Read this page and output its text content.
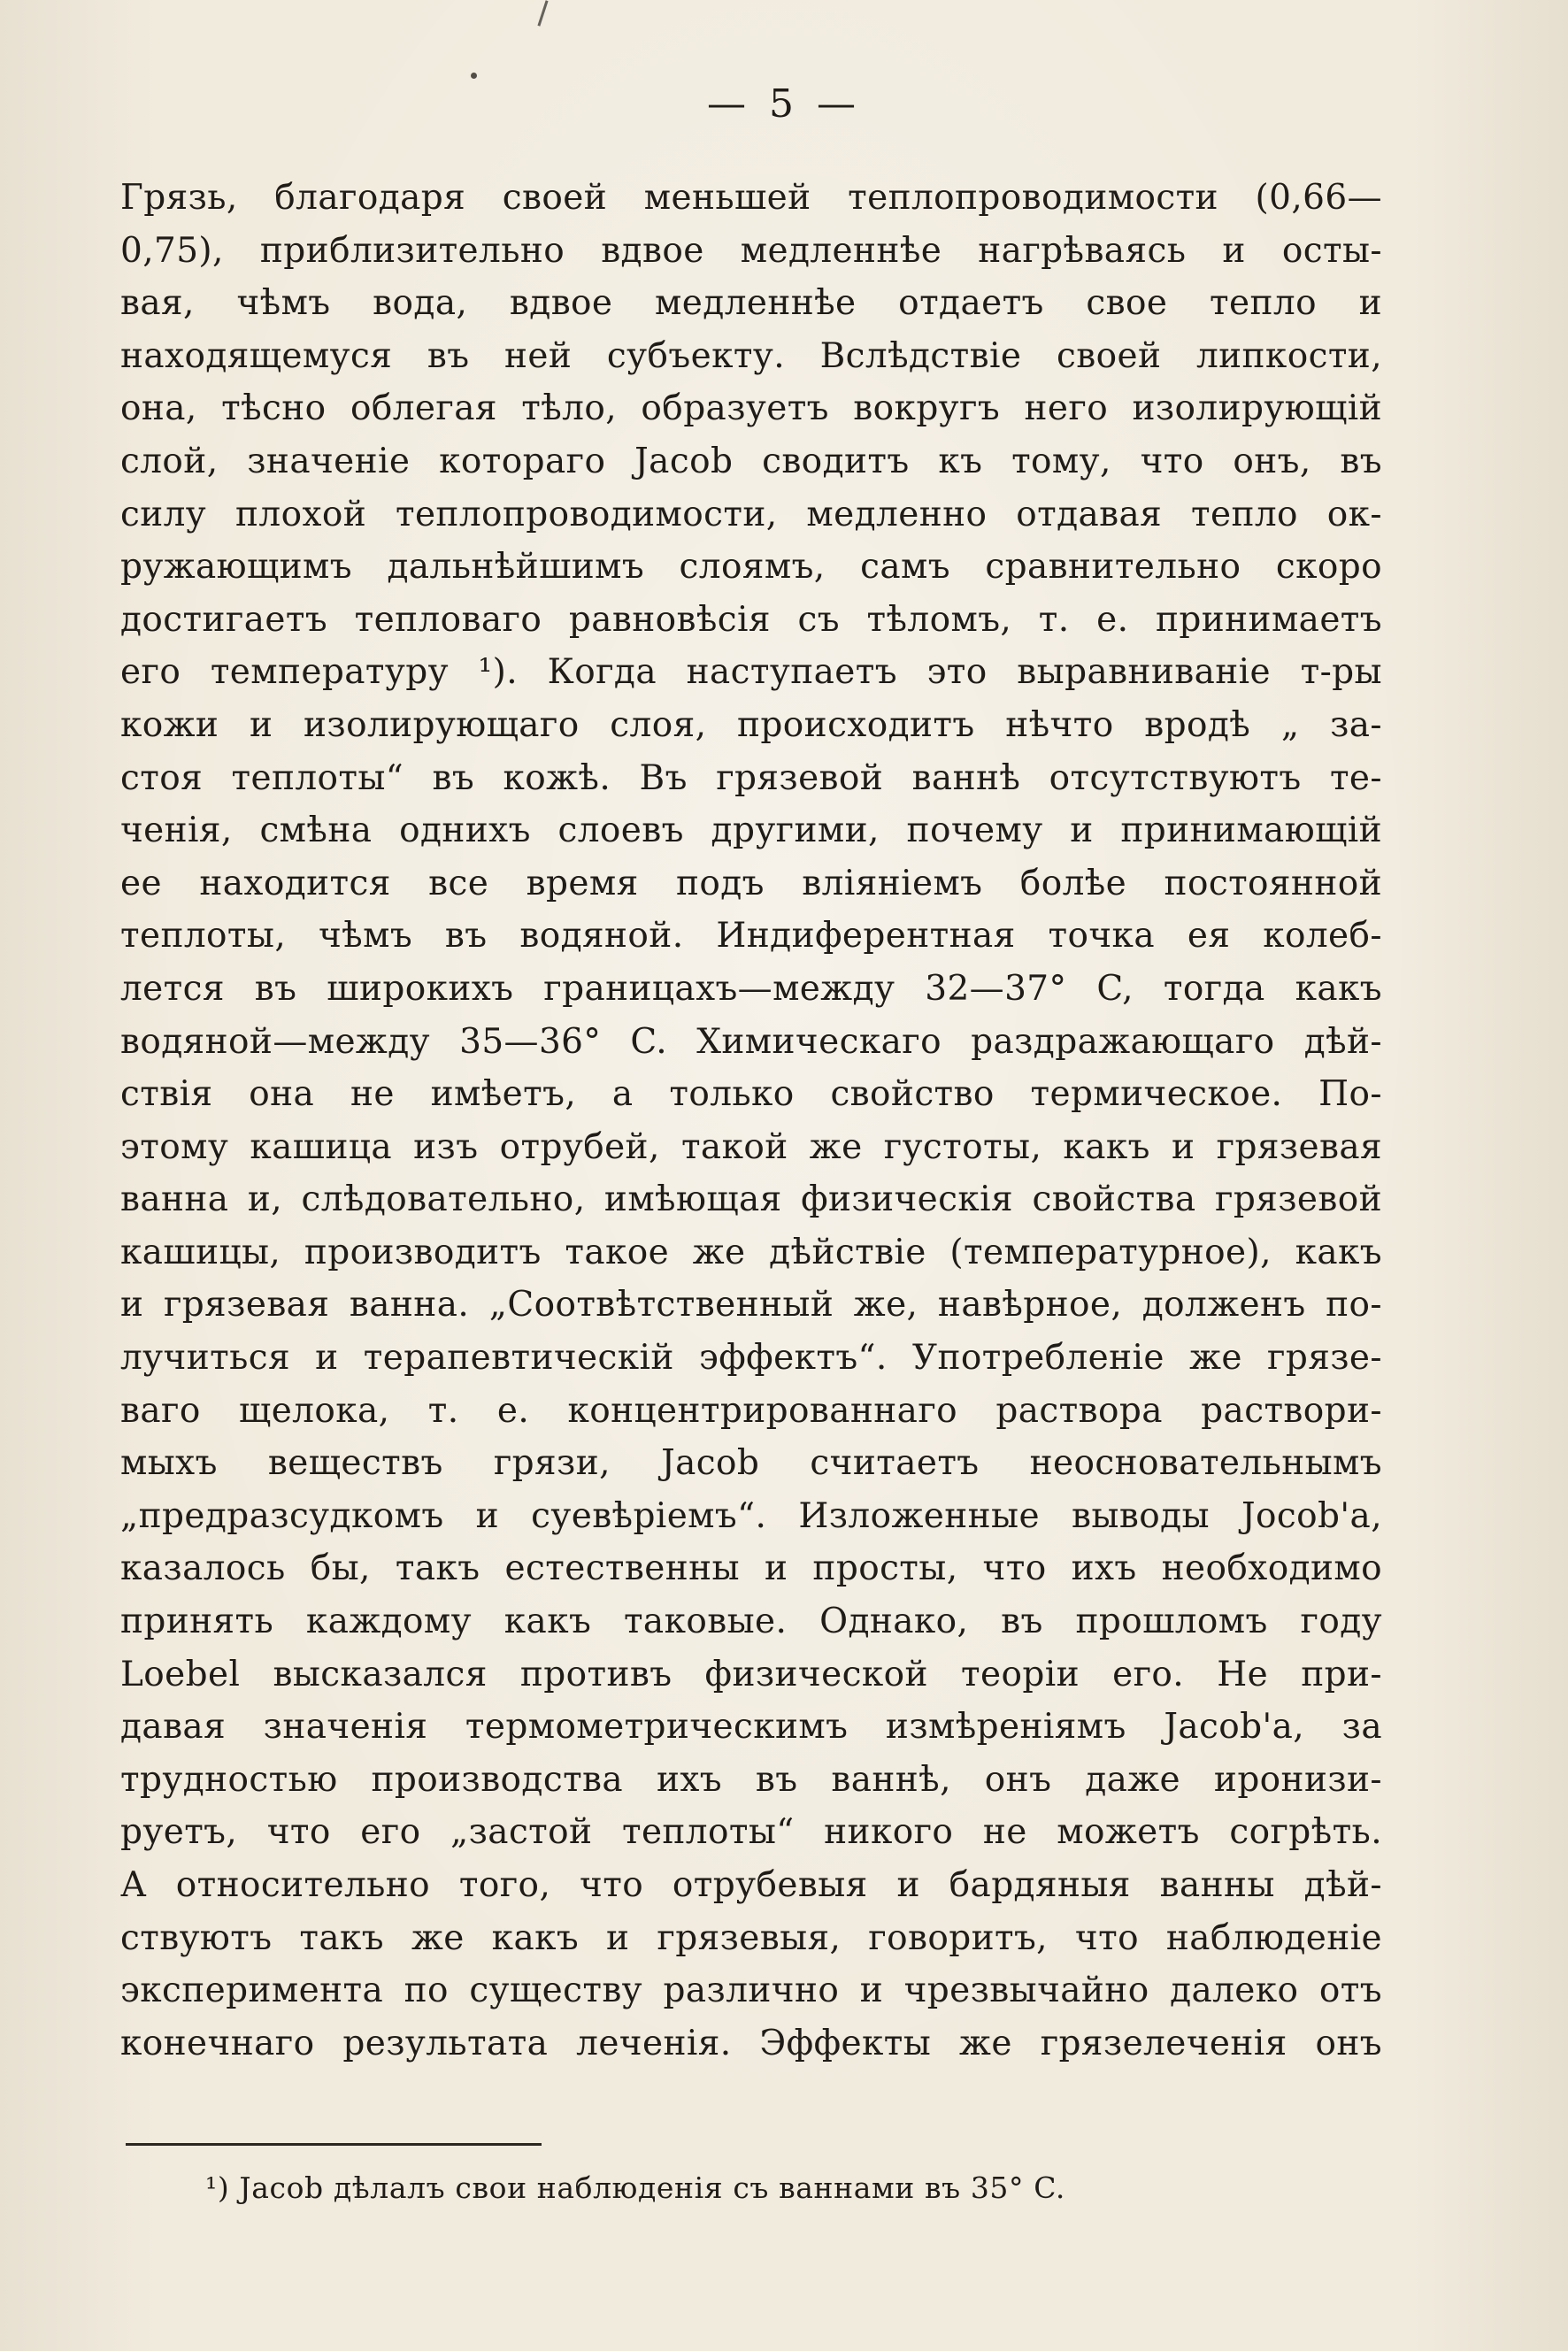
— 5 —
Грязь, благодаря своей меньшей теплопроводимости (0,66—
0,75), приблизительно вдвое медленнѣе нагрѣваясь и осты-
вая, чѣмъ вода, вдвое медленнѣе отдаетъ свое тепло и
находящемуся въ ней субъекту. Вслѣдствіе своей липкости,
она, тѣсно облегая тѣло, образуетъ вокругъ него изолирующій
слой, значеніе котораго Jacob сводитъ къ тому, что онъ, въ
силу плохой теплопроводимости, медленно отдавая тепло ок-
ружающимъ дальнѣйшимъ слоямъ, самъ сравнительно скоро
достигаетъ тепловаго равновѣсія съ тѣломъ, т. е. принимаетъ
его температуру ¹). Когда наступаетъ это выравниваніе т-ры
кожи и изолирующаго слоя, происходитъ нѣчто вродѣ „ за-
стоя теплоты“ въ кожѣ. Въ грязевой ваннѣ отсутствуютъ те-
ченія, смѣна однихъ слоевъ другими, почему и принимающій
ее находится все время подъ вліяніемъ болѣе постоянной
теплоты, чѣмъ въ водяной. Индиферентная точка ея колеб-
лется въ широкихъ границахъ—между 32—37° C, тогда какъ
водяной—между 35—36° C. Химическаго раздражающаго дѣй-
ствія она не имѣетъ, а только свойство термическое. По-
этому кашица изъ отрубей, такой же густоты, какъ и грязевая
ванна и, слѣдовательно, имѣющая физическія свойства грязевой
кашицы, производитъ такое же дѣйствіе (температурное), какъ
и грязевая ванна. „Соотвѣтственный же, навѣрное, долженъ по-
лучиться и терапевтическій эффектъ“. Употребленіе же грязе-
ваго щелока, т. е. концентрированнаго раствора раствори-
мыхъ веществъ грязи, Jacob считаетъ неосновательнымъ
„предразсудкомъ и суевѣріемъ“. Изложенные выводы Jocob'a,
казалось бы, такъ естественны и просты, что ихъ необходимо
принять каждому какъ таковые. Однако, въ прошломъ году
Loebel высказался противъ физической теоріи его. Не при-
давая значенія термометрическимъ измѣреніямъ Jacob'a, за
трудностью производства ихъ въ ваннѣ, онъ даже иронизи-
руетъ, что его „застой теплоты“ никого не можетъ согрѣть.
А относительно того, что отрубевыя и бардяныя ванны дѣй-
ствуютъ такъ же какъ и грязевыя, говоритъ, что наблюденіе
эксперимента по существу различно и чрезвычайно далеко отъ
конечнаго результата леченія. Эффекты же грязелеченія онъ
¹) Jacob дѣлалъ свои наблюденія съ ваннами въ 35° C.
